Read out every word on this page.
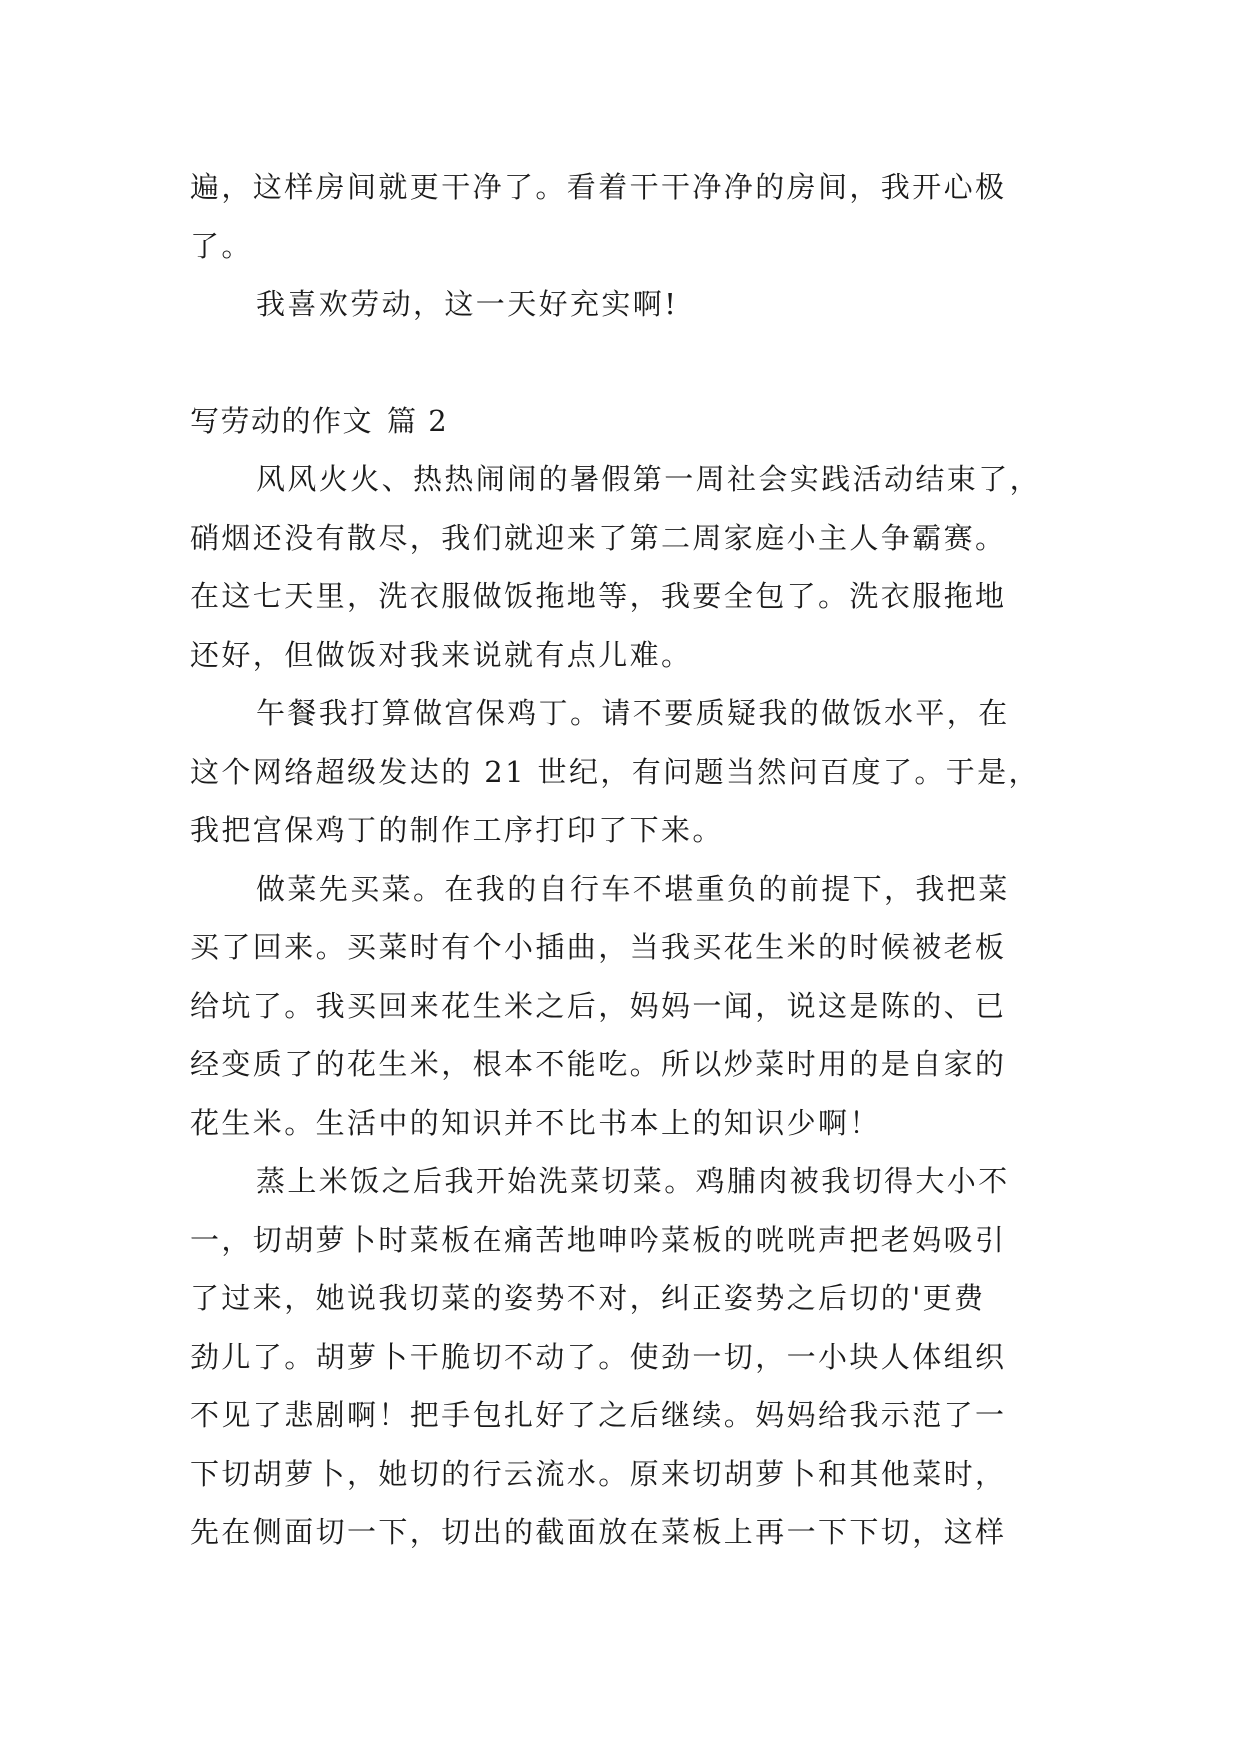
遍，这样房间就更干净了。看着干干净净的房间，我开心极
了。
我喜欢劳动，这一天好充实啊!
写劳动的作文 篇 2
风风火火、热热闹闹的暑假第一周社会实践活动结束了，
硝烟还没有散尽，我们就迎来了第二周家庭小主人争霸赛。
在这七天里，洗衣服做饭拖地等，我要全包了。洗衣服拖地
还好，但做饭对我来说就有点儿难。
午餐我打算做宫保鸡丁。请不要质疑我的做饭水平，在
这个网络超级发达的 21 世纪，有问题当然问百度了。于是，
我把宫保鸡丁的制作工序打印了下来。
做菜先买菜。在我的自行车不堪重负的前提下，我把菜
买了回来。买菜时有个小插曲，当我买花生米的时候被老板
给坑了。我买回来花生米之后，妈妈一闻，说这是陈的、已
经变质了的花生米，根本不能吃。所以炒菜时用的是自家的
花生米。生活中的知识并不比书本上的知识少啊！
蒸上米饭之后我开始洗菜切菜。鸡脯肉被我切得大小不
一，切胡萝卜时菜板在痛苦地呻吟菜板的咣咣声把老妈吸引
了过来，她说我切菜的姿势不对，纠正姿势之后切的'更费
劲儿了。胡萝卜干脆切不动了。使劲一切，一小块人体组织
不见了悲剧啊！把手包扎好了之后继续。妈妈给我示范了一
下切胡萝卜，她切的行云流水。原来切胡萝卜和其他菜时，
先在侧面切一下，切出的截面放在菜板上再一下下切，这样
